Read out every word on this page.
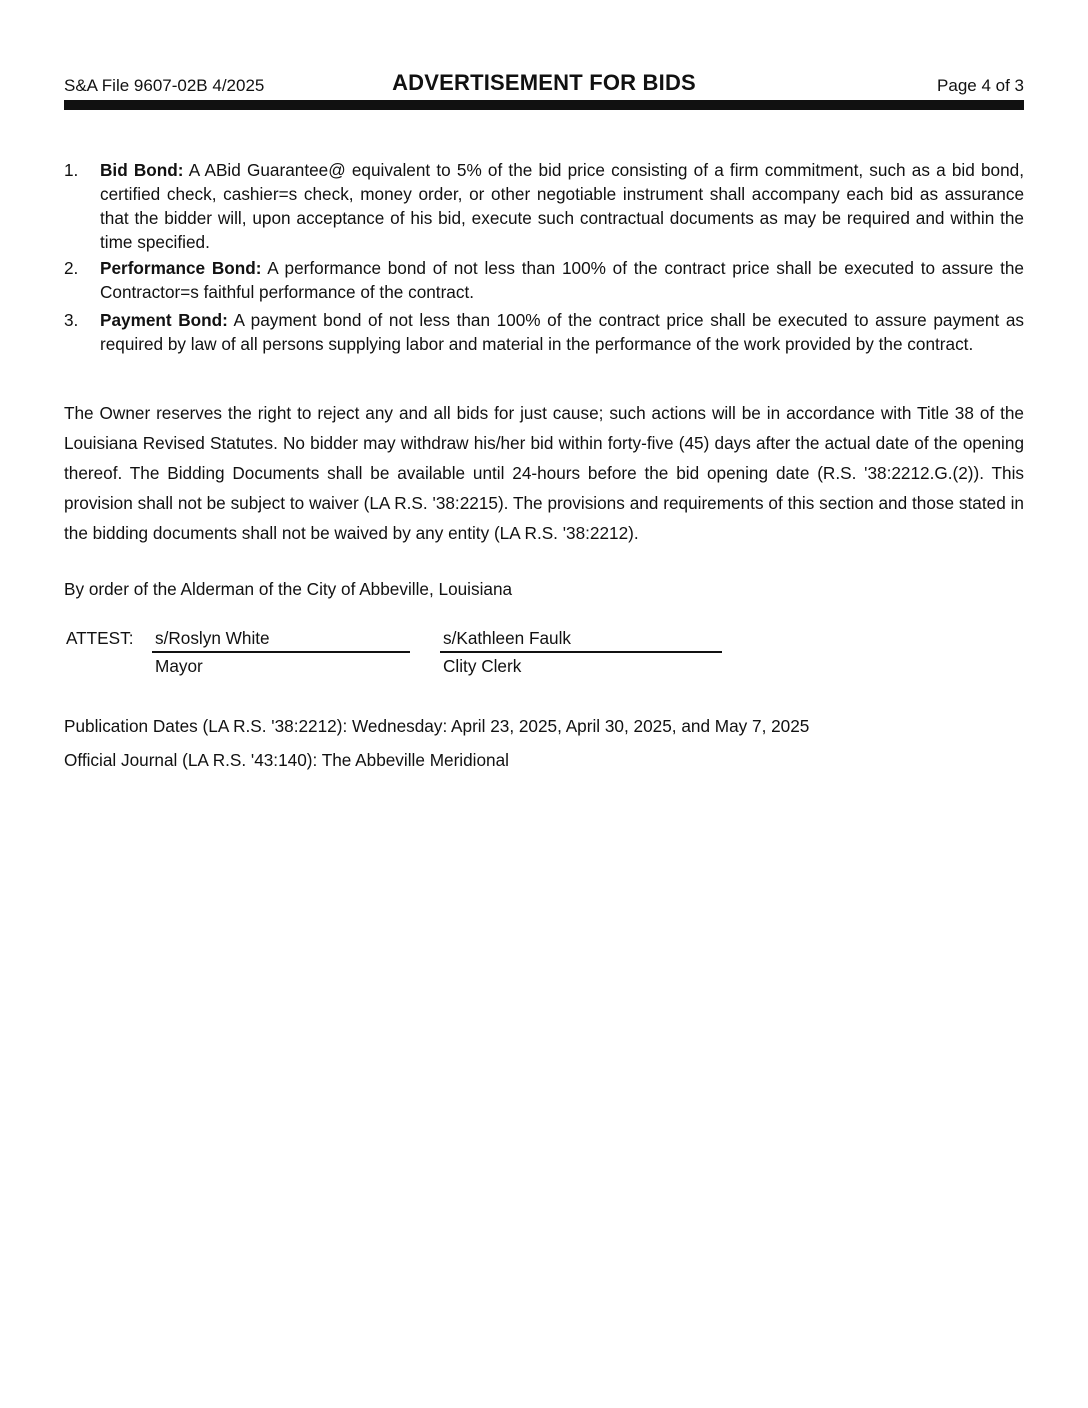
S&A File 9607-02B 4/2025	ADVERTISEMENT FOR BIDS	Page 4 of 3
1. Bid Bond: A ABid Guarantee@ equivalent to 5% of the bid price consisting of a firm commitment, such as a bid bond, certified check, cashier=s check, money order, or other negotiable instrument shall accompany each bid as assurance that the bidder will, upon acceptance of his bid, execute such contractual documents as may be required and within the time specified.
2. Performance Bond: A performance bond of not less than 100% of the contract price shall be executed to assure the Contractor=s faithful performance of the contract.
3. Payment Bond: A payment bond of not less than 100% of the contract price shall be executed to assure payment as required by law of all persons supplying labor and material in the performance of the work provided by the contract.
The Owner reserves the right to reject any and all bids for just cause; such actions will be in accordance with Title 38 of the Louisiana Revised Statutes. No bidder may withdraw his/her bid within forty-five (45) days after the actual date of the opening thereof. The Bidding Documents shall be available until 24-hours before the bid opening date (R.S. '38:2212.G.(2)). This provision shall not be subject to waiver (LA R.S. '38:2215). The provisions and requirements of this section and those stated in the bidding documents shall not be waived by any entity (LA R.S. '38:2212).
By order of the Alderman of the City of Abbeville, Louisiana
ATTEST: s/Roslyn White
Mayor
s/Kathleen Faulk
Clity Clerk
Publication Dates (LA R.S. '38:2212): Wednesday: April 23, 2025, April 30, 2025, and May 7, 2025
Official Journal (LA R.S. '43:140): The Abbeville Meridional
